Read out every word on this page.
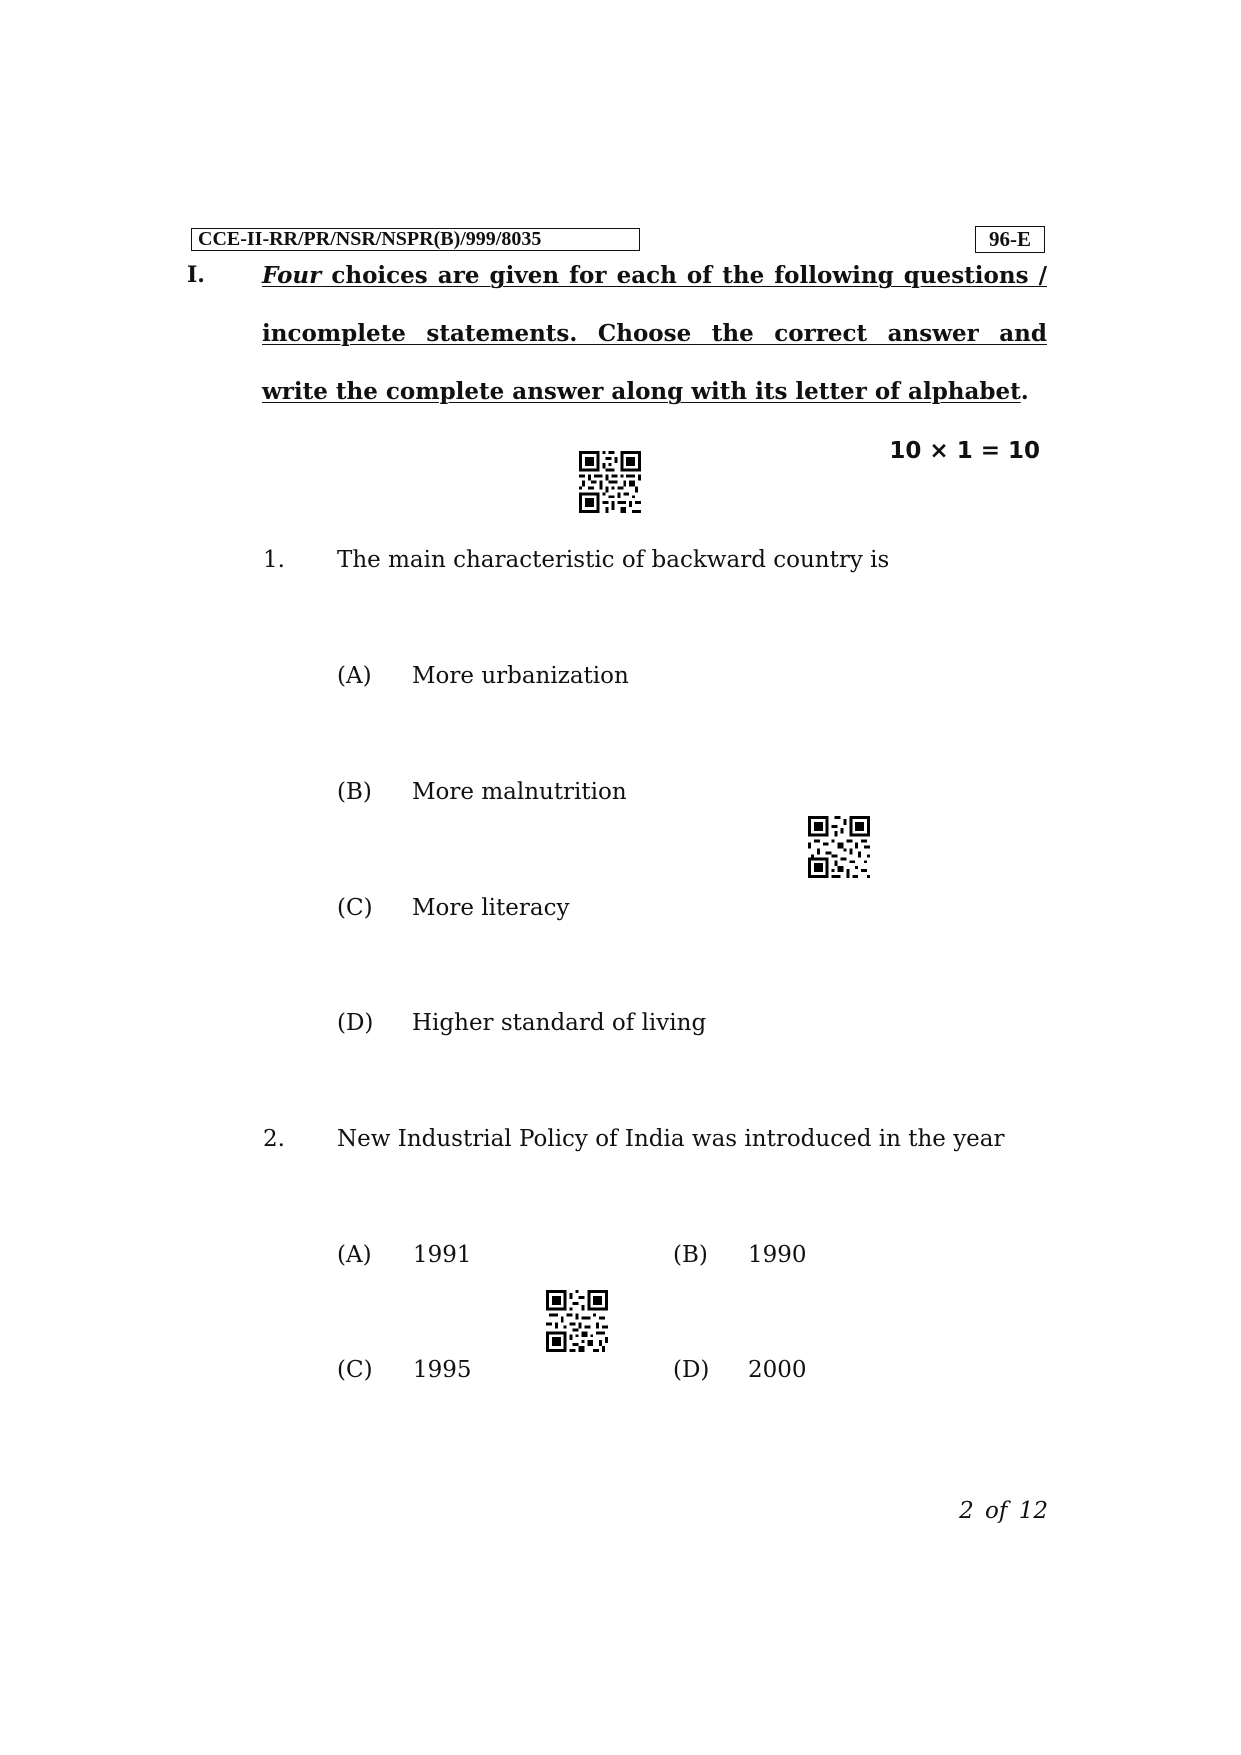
CCE-II-RR/PR/NSR/NSPR(B)/999/8035	96-E
I. Four choices are given for each of the following questions /
incomplete statements. Choose the correct answer and
write the complete answer along with its letter of alphabet.
10 × 1 = 10
1. The main characteristic of backward country is
(A) More urbanization
(B) More malnutrition
(C) More literacy
(D) Higher standard of living
2. New Industrial Policy of India was introduced in the year
(A) 1991	(B) 1990
(C) 1995	(D) 2000
2 of 12
